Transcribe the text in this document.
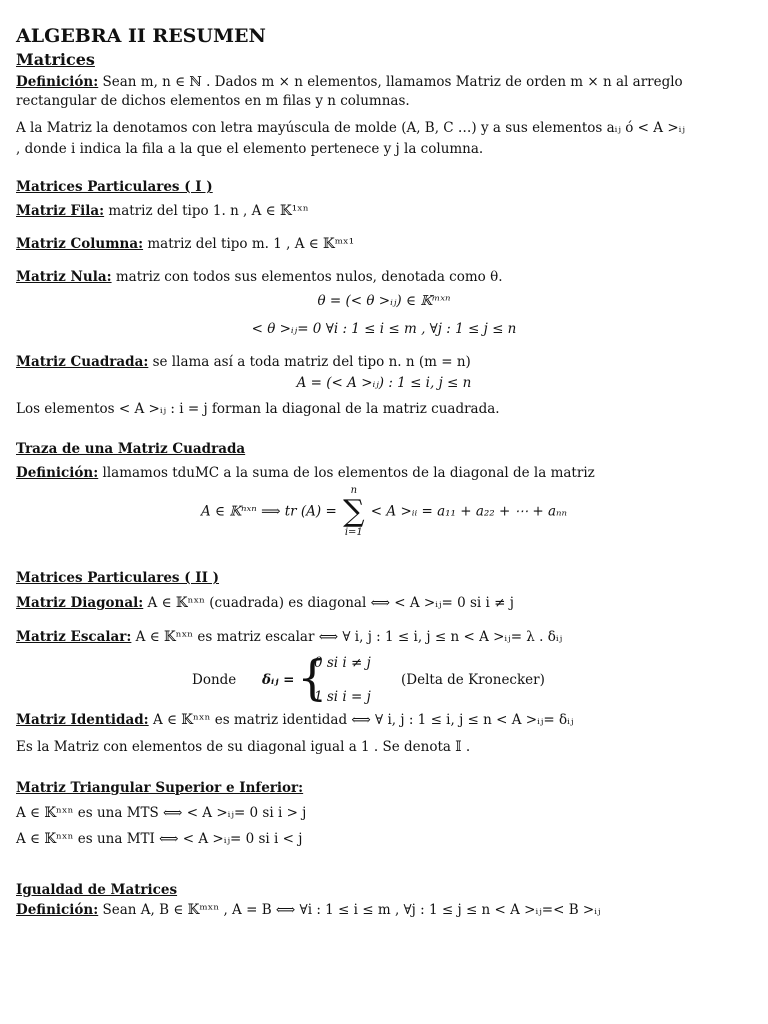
ALGEBRA II RESUMEN
Matrices
Definición: Sean m, n ∈ ℕ . Dados m × n elementos, llamamos Matriz de orden m × n al arreglo
rectangular de dichos elementos en m filas y n columnas.
A la Matriz la denotamos con letra mayúscula de molde (A, B, C …) y a sus elementos aᵢⱼ ó < A >ᵢⱼ
, donde i indica la fila a la que el elemento pertenece y j la columna.
Matrices Particulares ( I )
Matriz Fila: matriz del tipo 1. n , A ∈ 𝕂¹ˣⁿ
Matriz Columna: matriz del tipo m. 1 , A ∈ 𝕂ᵐˣ¹
Matriz Nula: matriz con todos sus elementos nulos, denotada como θ.
θ = (< θ >ᵢⱼ) ∈ 𝕂ᵐˣⁿ
< θ >ᵢⱼ= 0 ∀i : 1 ≤ i ≤ m , ∀j : 1 ≤ j ≤ n
Matriz Cuadrada: se llama así a toda matriz del tipo n. n (m = n)
A = (< A >ᵢⱼ) : 1 ≤ i, j ≤ n
Los elementos < A >ᵢⱼ : i = j forman la diagonal de la matriz cuadrada.
Traza de una Matriz Cuadrada
Definición: llamamos tduMC a la suma de los elementos de la diagonal de la matriz
A ∈ 𝕂ⁿˣⁿ ⟹ tr (A) =
n
∑
i=1
< A >ᵢᵢ = a₁₁ + a₂₂ + ⋯ + aₙₙ
Matrices Particulares ( II )
Matriz Diagonal: A ∈ 𝕂ⁿˣⁿ (cuadrada) es diagonal ⟺ < A >ᵢⱼ= 0 si i ≠ j
Matriz Escalar: A ∈ 𝕂ⁿˣⁿ es matriz escalar ⟺ ∀ i, j : 1 ≤ i, j ≤ n < A >ᵢⱼ= λ . δᵢⱼ
Donde δᵢⱼ = {
0 si i ≠ j
1 si i = j
(Delta de Kronecker)
Matriz Identidad: A ∈ 𝕂ⁿˣⁿ es matriz identidad ⟺ ∀ i, j : 1 ≤ i, j ≤ n < A >ᵢⱼ= δᵢⱼ
Es la Matriz con elementos de su diagonal igual a 1 . Se denota 𝕀 .
Matriz Triangular Superior e Inferior:
A ∈ 𝕂ⁿˣⁿ es una MTS ⟺ < A >ᵢⱼ= 0 si i > j
A ∈ 𝕂ⁿˣⁿ es una MTI ⟺ < A >ᵢⱼ= 0 si i < j
Igualdad de Matrices
Definición: Sean A, B ∈ 𝕂ᵐˣⁿ , A = B ⟺ ∀i : 1 ≤ i ≤ m , ∀j : 1 ≤ j ≤ n < A >ᵢⱼ=< B >ᵢⱼ
